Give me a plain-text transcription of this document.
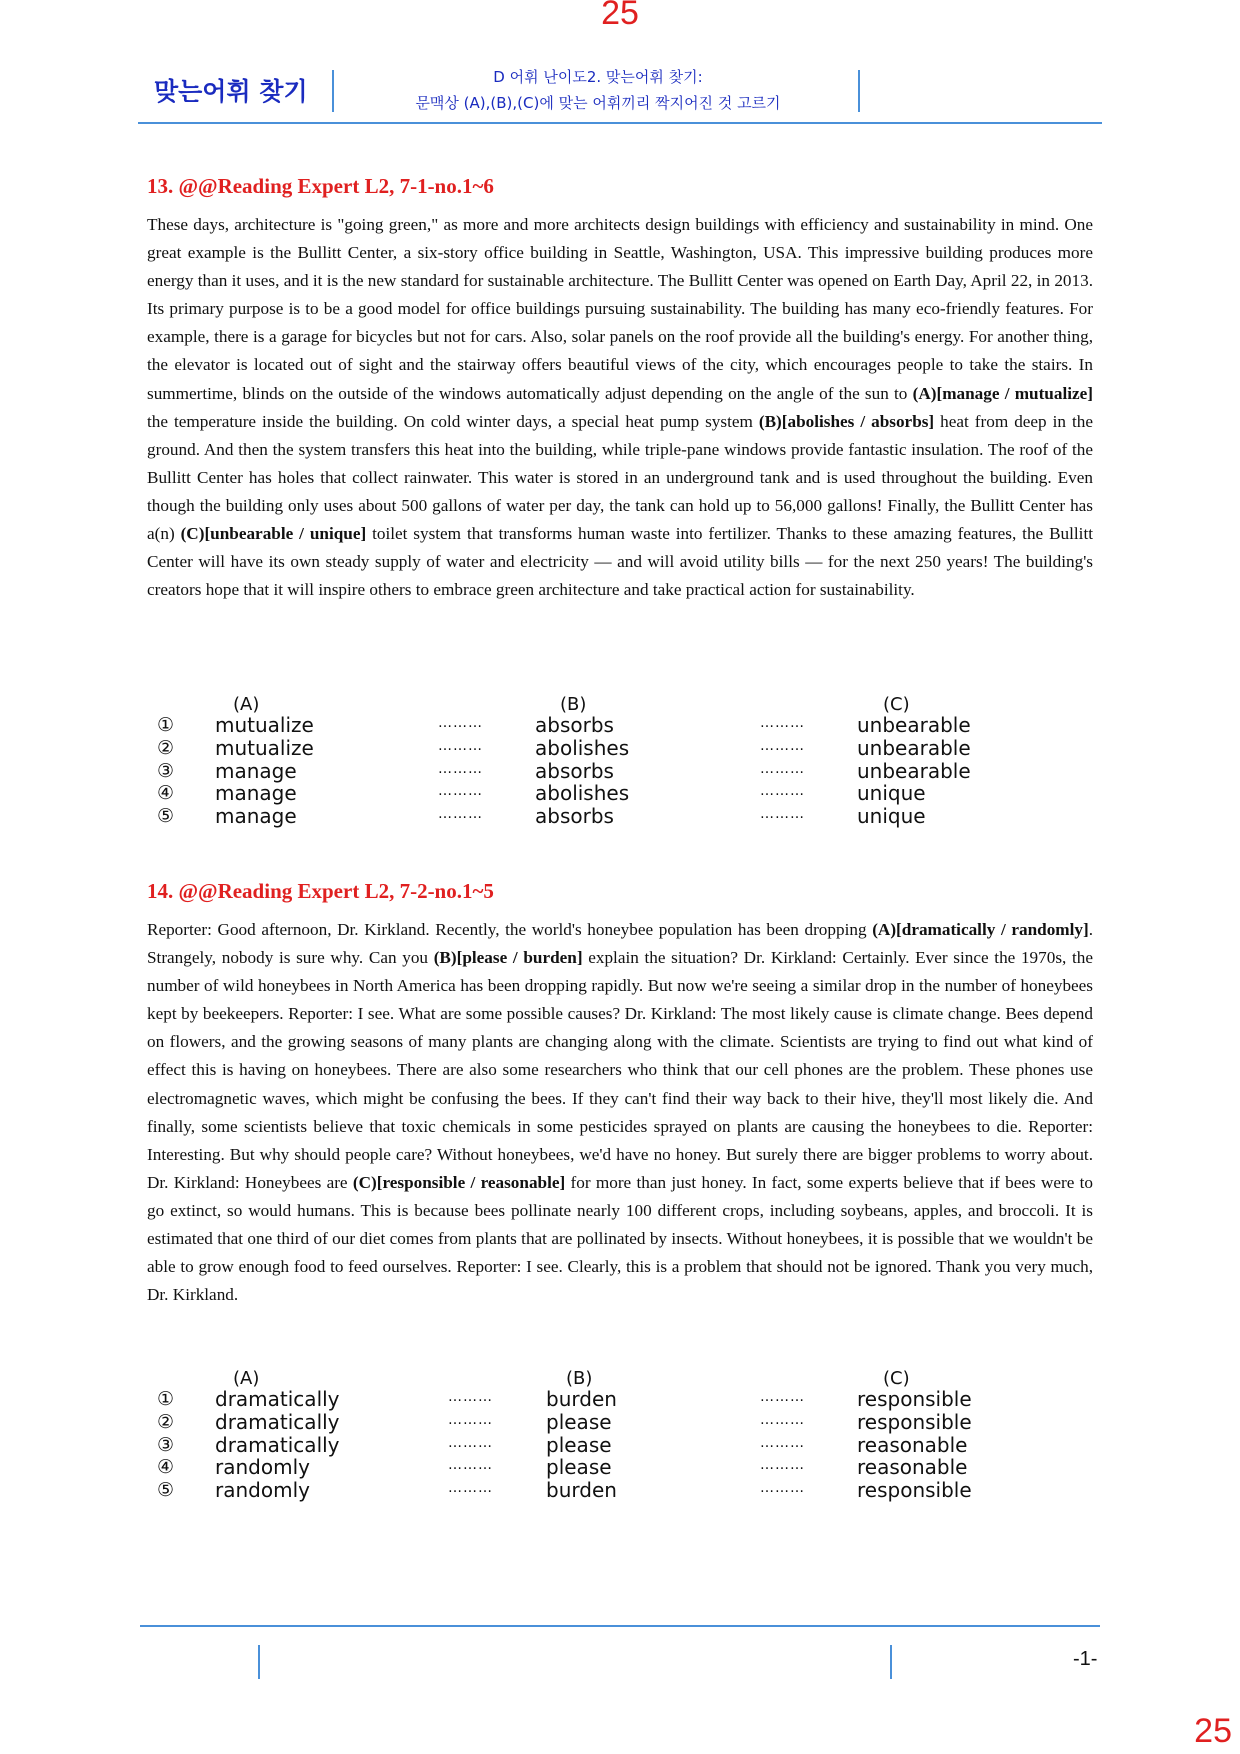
25
맞는어휘 찾기	D 어휘 난이도2. 맞는어휘 찾기:
문맥상 (A),(B),(C)에 맞는 어휘끼리 짝지어진 것 고르기
13. @@Reading Expert L2, 7-1-no.1~6
These days, architecture is "going green," as more and more architects design buildings with efficiency and sustainability in mind. One great example is the Bullitt Center, a six-story office building in Seattle, Washington, USA. This impressive building produces more energy than it uses, and it is the new standard for sustainable architecture. The Bullitt Center was opened on Earth Day, April 22, in 2013. Its primary purpose is to be a good model for office buildings pursuing sustainability. The building has many eco-friendly features. For example, there is a garage for bicycles but not for cars. Also, solar panels on the roof provide all the building's energy. For another thing, the elevator is located out of sight and the stairway offers beautiful views of the city, which encourages people to take the stairs. In summertime, blinds on the outside of the windows automatically adjust depending on the angle of the sun to (A)[manage / mutualize] the temperature inside the building. On cold winter days, a special heat pump system (B)[abolishes / absorbs] heat from deep in the ground. And then the system transfers this heat into the building, while triple-pane windows provide fantastic insulation. The roof of the Bullitt Center has holes that collect rainwater. This water is stored in an underground tank and is used throughout the building. Even though the building only uses about 500 gallons of water per day, the tank can hold up to 56,000 gallons! Finally, the Bullitt Center has a(n) (C)[unbearable / unique] toilet system that transforms human waste into fertilizer. Thanks to these amazing features, the Bullitt Center will have its own steady supply of water and electricity — and will avoid utility bills — for the next 250 years! The building's creators hope that it will inspire others to embrace green architecture and take practical action for sustainability.
(A)	(B)	(C)
① mutualize	………	absorbs	………	unbearable
② mutualize	………	abolishes	………	unbearable
③ manage	………	absorbs	………	unbearable
④ manage	………	abolishes	………	unique
⑤ manage	………	absorbs	………	unique
14. @@Reading Expert L2, 7-2-no.1~5
Reporter: Good afternoon, Dr. Kirkland. Recently, the world's honeybee population has been dropping (A)[dramatically / randomly]. Strangely, nobody is sure why. Can you (B)[please / burden] explain the situation? Dr. Kirkland: Certainly. Ever since the 1970s, the number of wild honeybees in North America has been dropping rapidly. But now we're seeing a similar drop in the number of honeybees kept by beekeepers. Reporter: I see. What are some possible causes? Dr. Kirkland: The most likely cause is climate change. Bees depend on flowers, and the growing seasons of many plants are changing along with the climate. Scientists are trying to find out what kind of effect this is having on honeybees. There are also some researchers who think that our cell phones are the problem. These phones use electromagnetic waves, which might be confusing the bees. If they can't find their way back to their hive, they'll most likely die. And finally, some scientists believe that toxic chemicals in some pesticides sprayed on plants are causing the honeybees to die. Reporter: Interesting. But why should people care? Without honeybees, we'd have no honey. But surely there are bigger problems to worry about. Dr. Kirkland: Honeybees are (C)[responsible / reasonable] for more than just honey. In fact, some experts believe that if bees were to go extinct, so would humans. This is because bees pollinate nearly 100 different crops, including soybeans, apples, and broccoli. It is estimated that one third of our diet comes from plants that are pollinated by insects. Without honeybees, it is possible that we wouldn't be able to grow enough food to feed ourselves. Reporter: I see. Clearly, this is a problem that should not be ignored. Thank you very much, Dr. Kirkland.
(A)	(B)	(C)
① dramatically	………	burden	………	responsible
② dramatically	………	please	………	responsible
③ dramatically	………	please	………	reasonable
④ randomly	………	please	………	reasonable
⑤ randomly	………	burden	………	responsible
-1-
25
